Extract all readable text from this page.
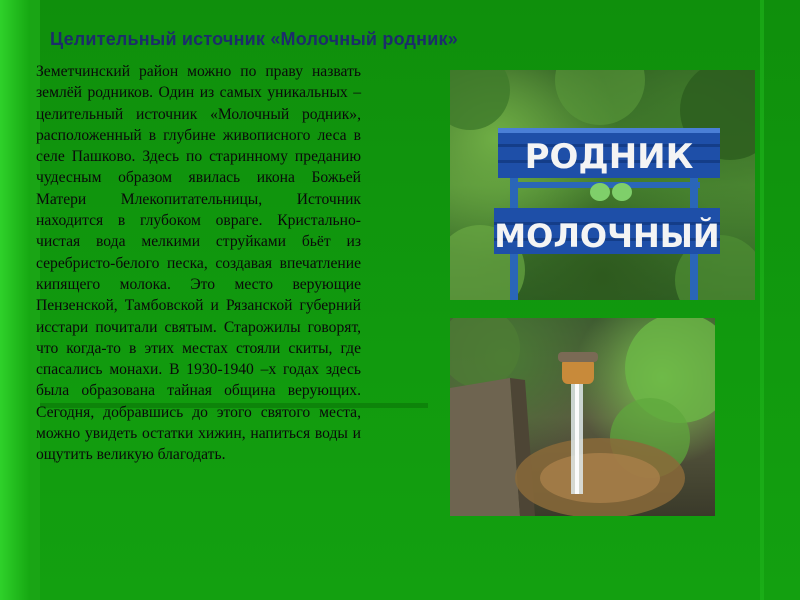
Целительный источник «Молочный родник»

Земетчинский район можно по праву назвать землёй родников. Один из самых уникальных – целительный источник «Молочный родник», расположенный в глубине живописного леса в селе Пашково. Здесь по старинному преданию чудесным образом явилась икона Божьей Матери Млекопитательницы, Источник находится в глубоком овраге. Кристально-чистая вода мелкими струйками бьёт из серебристо-белого песка, создавая впечатление кипящего молока. Это место верующие Пензенской, Тамбовской и Рязанской губерний исстари почитали святым. Старожилы говорят, что когда-то в этих местах стояли скиты, где спасались монахи. В 1930-1940 –х годах здесь была образована тайная община верующих. Сегодня, добравшись до этого святого места, можно увидеть остатки хижин, напиться воды и ощутить великую благодать.

РОДНИК
МОЛОЧНЫЙ
